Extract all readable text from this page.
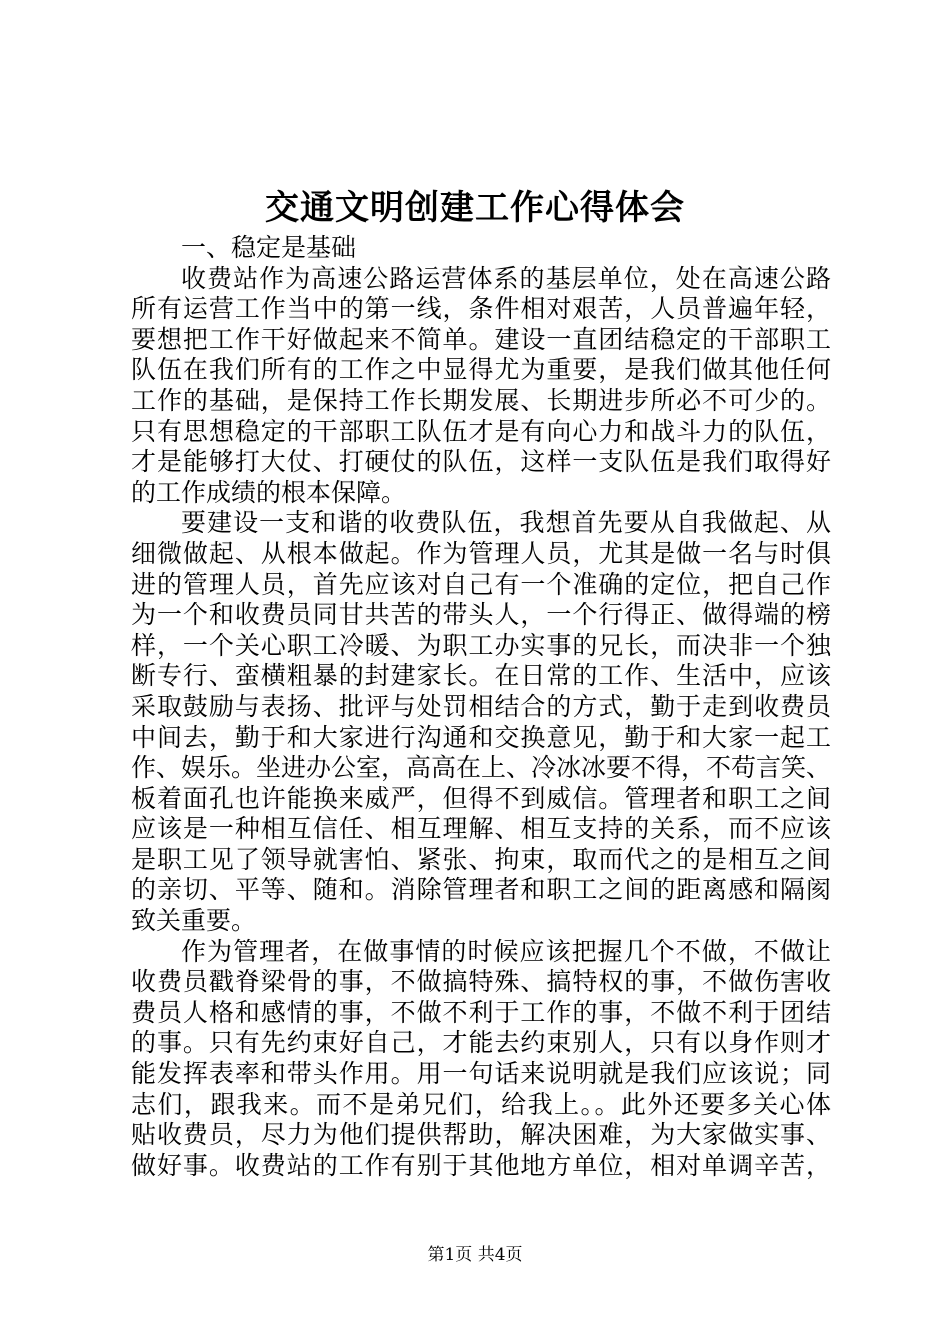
交通文明创建工作心得体会
一、稳定是基础
收费站作为高速公路运营体系的基层单位，处在高速公路
所有运营工作当中的第一线，条件相对艰苦，人员普遍年轻，
要想把工作干好做起来不简单。建设一直团结稳定的干部职工
队伍在我们所有的工作之中显得尤为重要，是我们做其他任何
工作的基础，是保持工作长期发展、长期进步所必不可少的。
只有思想稳定的干部职工队伍才是有向心力和战斗力的队伍，
才是能够打大仗、打硬仗的队伍，这样一支队伍是我们取得好
的工作成绩的根本保障。
要建设一支和谐的收费队伍，我想首先要从自我做起、从
细微做起、从根本做起。作为管理人员，尤其是做一名与时俱
进的管理人员，首先应该对自己有一个准确的定位，把自己作
为一个和收费员同甘共苦的带头人，一个行得正、做得端的榜
样，一个关心职工冷暖、为职工办实事的兄长，而决非一个独
断专行、蛮横粗暴的封建家长。在日常的工作、生活中，应该
采取鼓励与表扬、批评与处罚相结合的方式，勤于走到收费员
中间去，勤于和大家进行沟通和交换意见，勤于和大家一起工
作、娱乐。坐进办公室，高高在上、冷冰冰要不得，不苟言笑、
板着面孔也许能换来威严，但得不到威信。管理者和职工之间
应该是一种相互信任、相互理解、相互支持的关系，而不应该
是职工见了领导就害怕、紧张、拘束，取而代之的是相互之间
的亲切、平等、随和。消除管理者和职工之间的距离感和隔阂
致关重要。
作为管理者，在做事情的时候应该把握几个不做，不做让
收费员戳脊梁骨的事，不做搞特殊、搞特权的事，不做伤害收
费员人格和感情的事，不做不利于工作的事，不做不利于团结
的事。只有先约束好自己，才能去约束别人，只有以身作则才
能发挥表率和带头作用。用一句话来说明就是我们应该说；同
志们，跟我来。而不是弟兄们，给我上。。此外还要多关心体
贴收费员，尽力为他们提供帮助，解决困难，为大家做实事、
做好事。收费站的工作有别于其他地方单位，相对单调辛苦，
第1页 共4页
